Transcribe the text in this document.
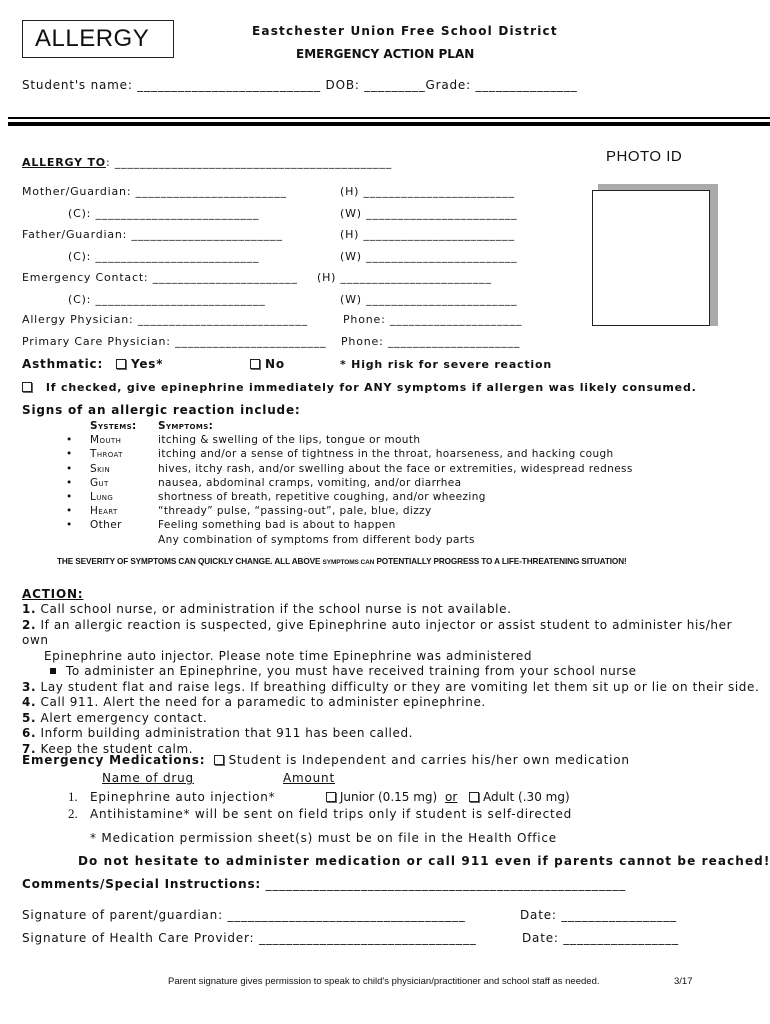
ALLERGY	Eastchester Union Free School District
EMERGENCY ACTION PLAN
Student's name: ___________________________ DOB: _________Grade: _______________
PHOTO ID
ALLERGY TO: ____________________________________________
Mother/Guardian: ________________________	(H) ________________________
(C): __________________________	(W) ________________________
Father/Guardian: ________________________	(H) ________________________
(C): __________________________	(W) ________________________
Emergency Contact: _______________________ (H) ________________________
(C): ___________________________	(W) ________________________
Allergy Physician: ___________________________	Phone: _____________________
Primary Care Physician: ________________________ Phone: _____________________
Asthmatic:	Yes*	No	* High risk for severe reaction
If checked, give epinephrine immediately for ANY symptoms if allergen was likely consumed.
Signs of an allergic reaction include:
	Systems:	Symptoms:
•	Mouth	itching & swelling of the lips, tongue or mouth
•	Throat	itching and/or a sense of tightness in the throat, hoarseness, and hacking cough
•	Skin	hives, itchy rash, and/or swelling about the face or extremities, widespread redness
•	Gut	nausea, abdominal cramps, vomiting, and/or diarrhea
•	Lung	shortness of breath, repetitive coughing, and/or wheezing
•	Heart	“thready” pulse, “passing-out”, pale, blue, dizzy
•	Other	Feeling something bad is about to happen
		Any combination of symptoms from different body parts
THE SEVERITY OF SYMPTOMS CAN QUICKLY CHANGE. ALL ABOVE SYMPTOMS CAN POTENTIALLY PROGRESS TO A LIFE-THREATENING SITUATION!
ACTION:
1. Call school nurse, or administration if the school nurse is not available.
2. If an allergic reaction is suspected, give Epinephrine auto injector or assist student to administer his/her own
Epinephrine auto injector. Please note time Epinephrine was administered
To administer an Epinephrine, you must have received training from your school nurse
3. Lay student flat and raise legs. If breathing difficulty or they are vomiting let them sit up or lie on their side.
4. Call 911. Alert the need for a paramedic to administer epinephrine.
5. Alert emergency contact.
6. Inform building administration that 911 has been called.
7. Keep the student calm.
Emergency Medications: Student is Independent and carries his/her own medication
Name of drug	Amount
1. Epinephrine auto injection*	Junior (0.15 mg) or Adult (.30 mg)
2. Antihistamine* will be sent on field trips only if student is self-directed
* Medication permission sheet(s) must be on file in the Health Office
Do not hesitate to administer medication or call 911 even if parents cannot be reached!
Comments/Special Instructions: _____________________________________________________
Signature of parent/guardian: ___________________________________	Date: _________________
Signature of Health Care Provider: ________________________________	Date: _________________
Parent signature gives permission to speak to child's physician/practitioner and school staff as needed.	3/17
